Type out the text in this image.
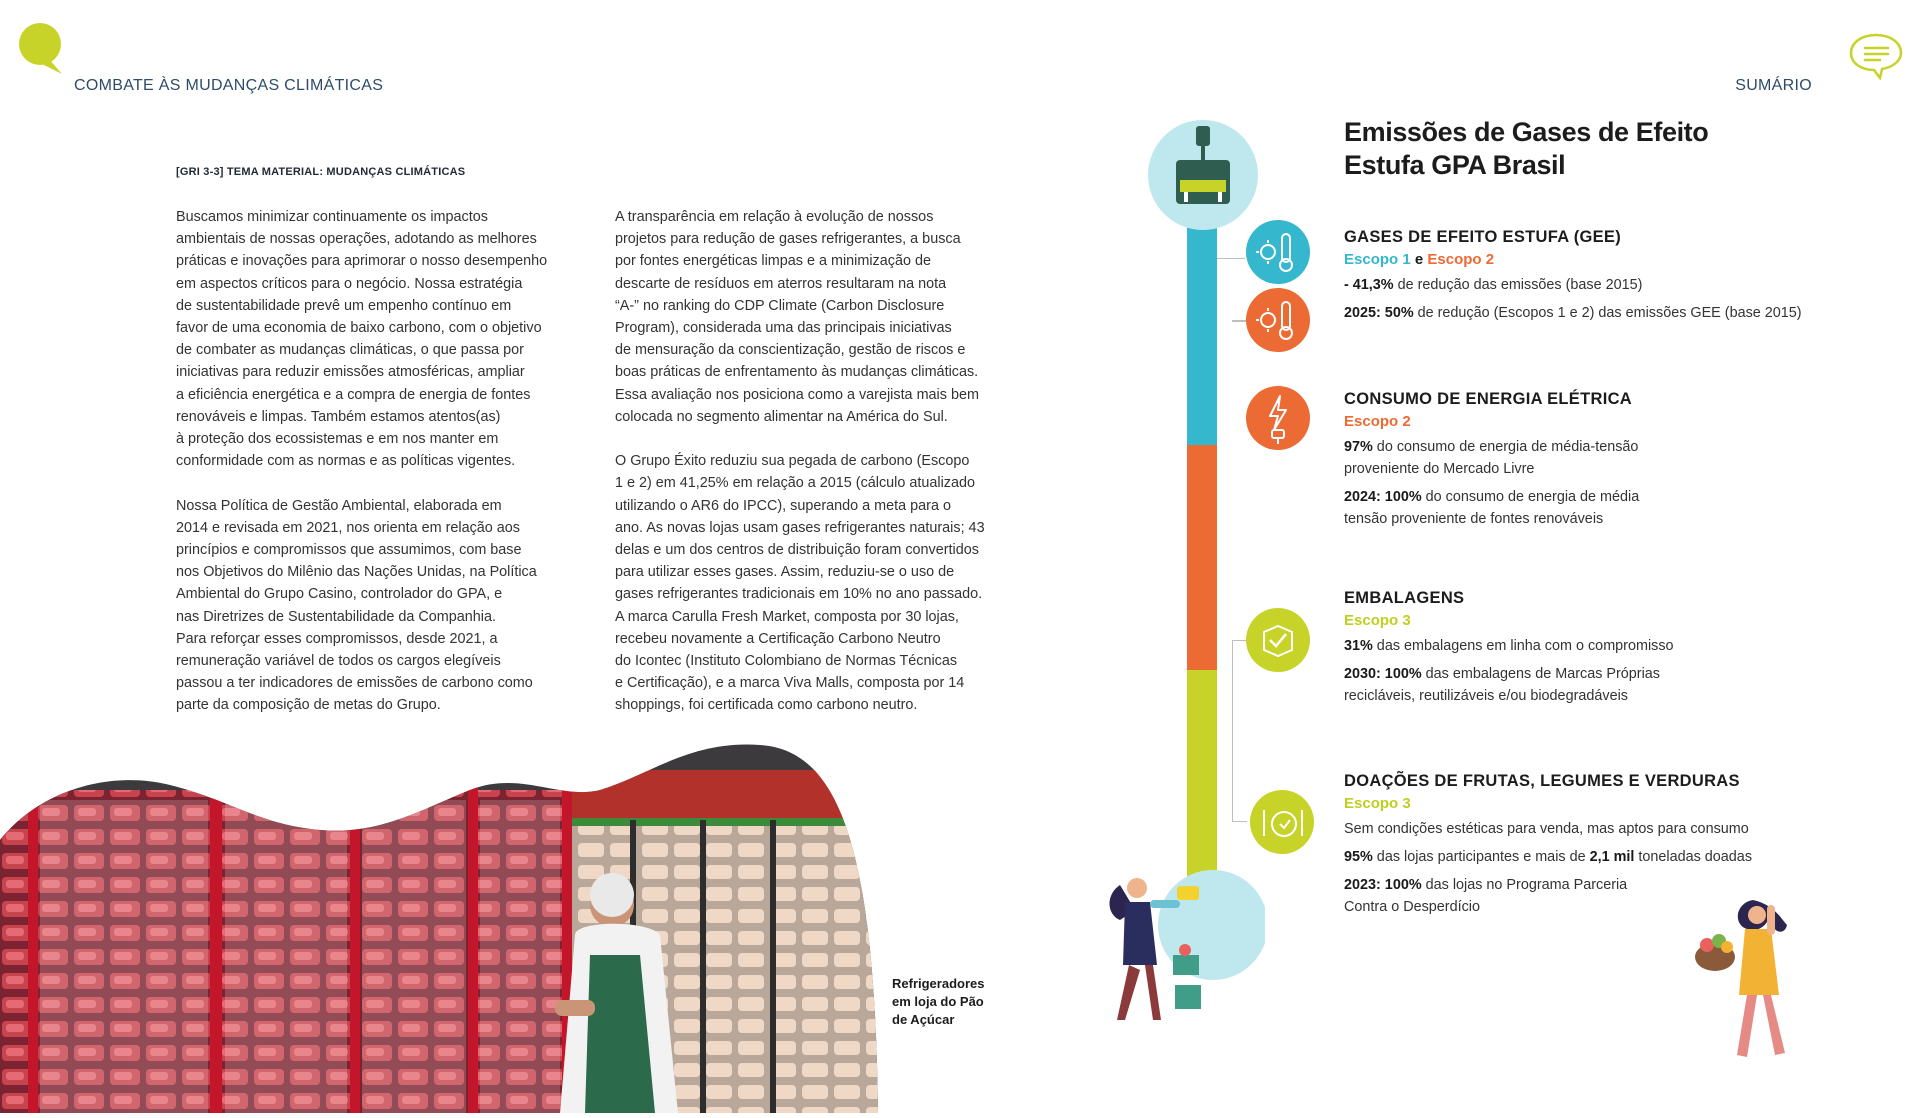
COMBATE ÀS MUDANÇAS CLIMÁTICAS	SUMÁRIO
[GRI 3-3] TEMA MATERIAL: MUDANÇAS CLIMÁTICAS
Buscamos minimizar continuamente os impactos
ambientais de nossas operações, adotando as melhores
práticas e inovações para aprimorar o nosso desempenho
em aspectos críticos para o negócio. Nossa estratégia
de sustentabilidade prevê um empenho contínuo em
favor de uma economia de baixo carbono, com o objetivo
de combater as mudanças climáticas, o que passa por
iniciativas para reduzir emissões atmosféricas, ampliar
a eficiência energética e a compra de energia de fontes
renováveis e limpas. Também estamos atentos(as)
à proteção dos ecossistemas e em nos manter em
conformidade com as normas e as políticas vigentes.

Nossa Política de Gestão Ambiental, elaborada em
2014 e revisada em 2021, nos orienta em relação aos
princípios e compromissos que assumimos, com base
nos Objetivos do Milênio das Nações Unidas, na Política
Ambiental do Grupo Casino, controlador do GPA, e
nas Diretrizes de Sustentabilidade da Companhia.
Para reforçar esses compromissos, desde 2021, a
remuneração variável de todos os cargos elegíveis
passou a ter indicadores de emissões de carbono como
parte da composição de metas do Grupo.
A transparência em relação à evolução de nossos
projetos para redução de gases refrigerantes, a busca
por fontes energéticas limpas e a minimização de
descarte de resíduos em aterros resultaram na nota
“A-” no ranking do CDP Climate (Carbon Disclosure
Program), considerada uma das principais iniciativas
de mensuração da conscientização, gestão de riscos e
boas práticas de enfrentamento às mudanças climáticas.
Essa avaliação nos posiciona como a varejista mais bem
colocada no segmento alimentar na América do Sul.

O Grupo Éxito reduziu sua pegada de carbono (Escopo
1 e 2) em 41,25% em relação a 2015 (cálculo atualizado
utilizando o AR6 do IPCC), superando a meta para o
ano. As novas lojas usam gases refrigerantes naturais; 43
delas e um dos centros de distribuição foram convertidos
para utilizar esses gases. Assim, reduziu-se o uso de
gases refrigerantes tradicionais em 10% no ano passado.
A marca Carulla Fresh Market, composta por 30 lojas,
recebeu novamente a Certificação Carbono Neutro
do Icontec (Instituto Colombiano de Normas Técnicas
e Certificação), e a marca Viva Malls, composta por 14
shoppings, foi certificada como carbono neutro.
Refrigeradores
em loja do Pão
de Açúcar
Emissões de Gases de Efeito
Estufa GPA Brasil
GASES DE EFEITO ESTUFA (GEE)
Escopo 1 e Escopo 2
- 41,3% de redução das emissões (base 2015)
2025: 50% de redução (Escopos 1 e 2) das emissões GEE (base 2015)
CONSUMO DE ENERGIA ELÉTRICA
Escopo 2
97% do consumo de energia de média-tensão
proveniente do Mercado Livre
2024: 100% do consumo de energia de média
tensão proveniente de fontes renováveis
EMBALAGENS
Escopo 3
31% das embalagens em linha com o compromisso
2030: 100% das embalagens de Marcas Próprias
recicláveis, reutilizáveis e/ou biodegradáveis
DOAÇÕES DE FRUTAS, LEGUMES E VERDURAS
Escopo 3
Sem condições estéticas para venda, mas aptos para consumo
95% das lojas participantes e mais de 2,1 mil toneladas doadas
2023: 100% das lojas no Programa Parceria
Contra o Desperdício
